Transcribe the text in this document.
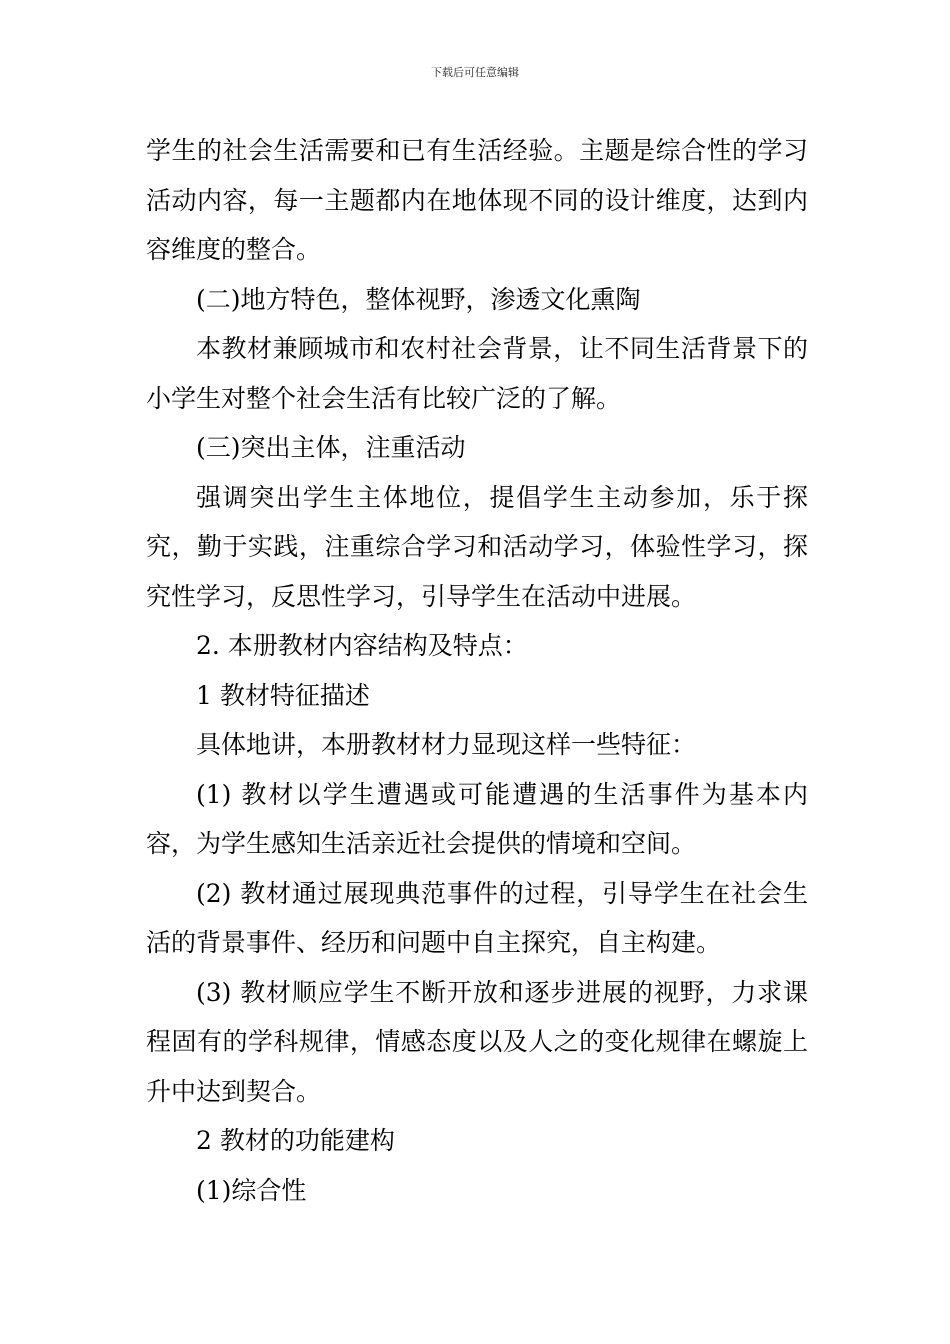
下载后可任意编辑

学生的社会生活需要和已有生活经验。主题是综合性的学习活动内容，每一主题都内在地体现不同的设计维度，达到内容维度的整合。

(二)地方特色，整体视野，渗透文化熏陶

本教材兼顾城市和农村社会背景，让不同生活背景下的小学生对整个社会生活有比较广泛的了解。

(三)突出主体，注重活动

强调突出学生主体地位，提倡学生主动参加，乐于探究，勤于实践，注重综合学习和活动学习，体验性学习，探究性学习，反思性学习，引导学生在活动中进展。

2. 本册教材内容结构及特点：

1 教材特征描述

具体地讲，本册教材材力显现这样一些特征：

(1) 教材以学生遭遇或可能遭遇的生活事件为基本内容，为学生感知生活亲近社会提供的情境和空间。

(2) 教材通过展现典范事件的过程，引导学生在社会生活的背景事件、经历和问题中自主探究，自主构建。

(3) 教材顺应学生不断开放和逐步进展的视野，力求课程固有的学科规律，情感态度以及人之的变化规律在螺旋上升中达到契合。

2 教材的功能建构

(1)综合性
